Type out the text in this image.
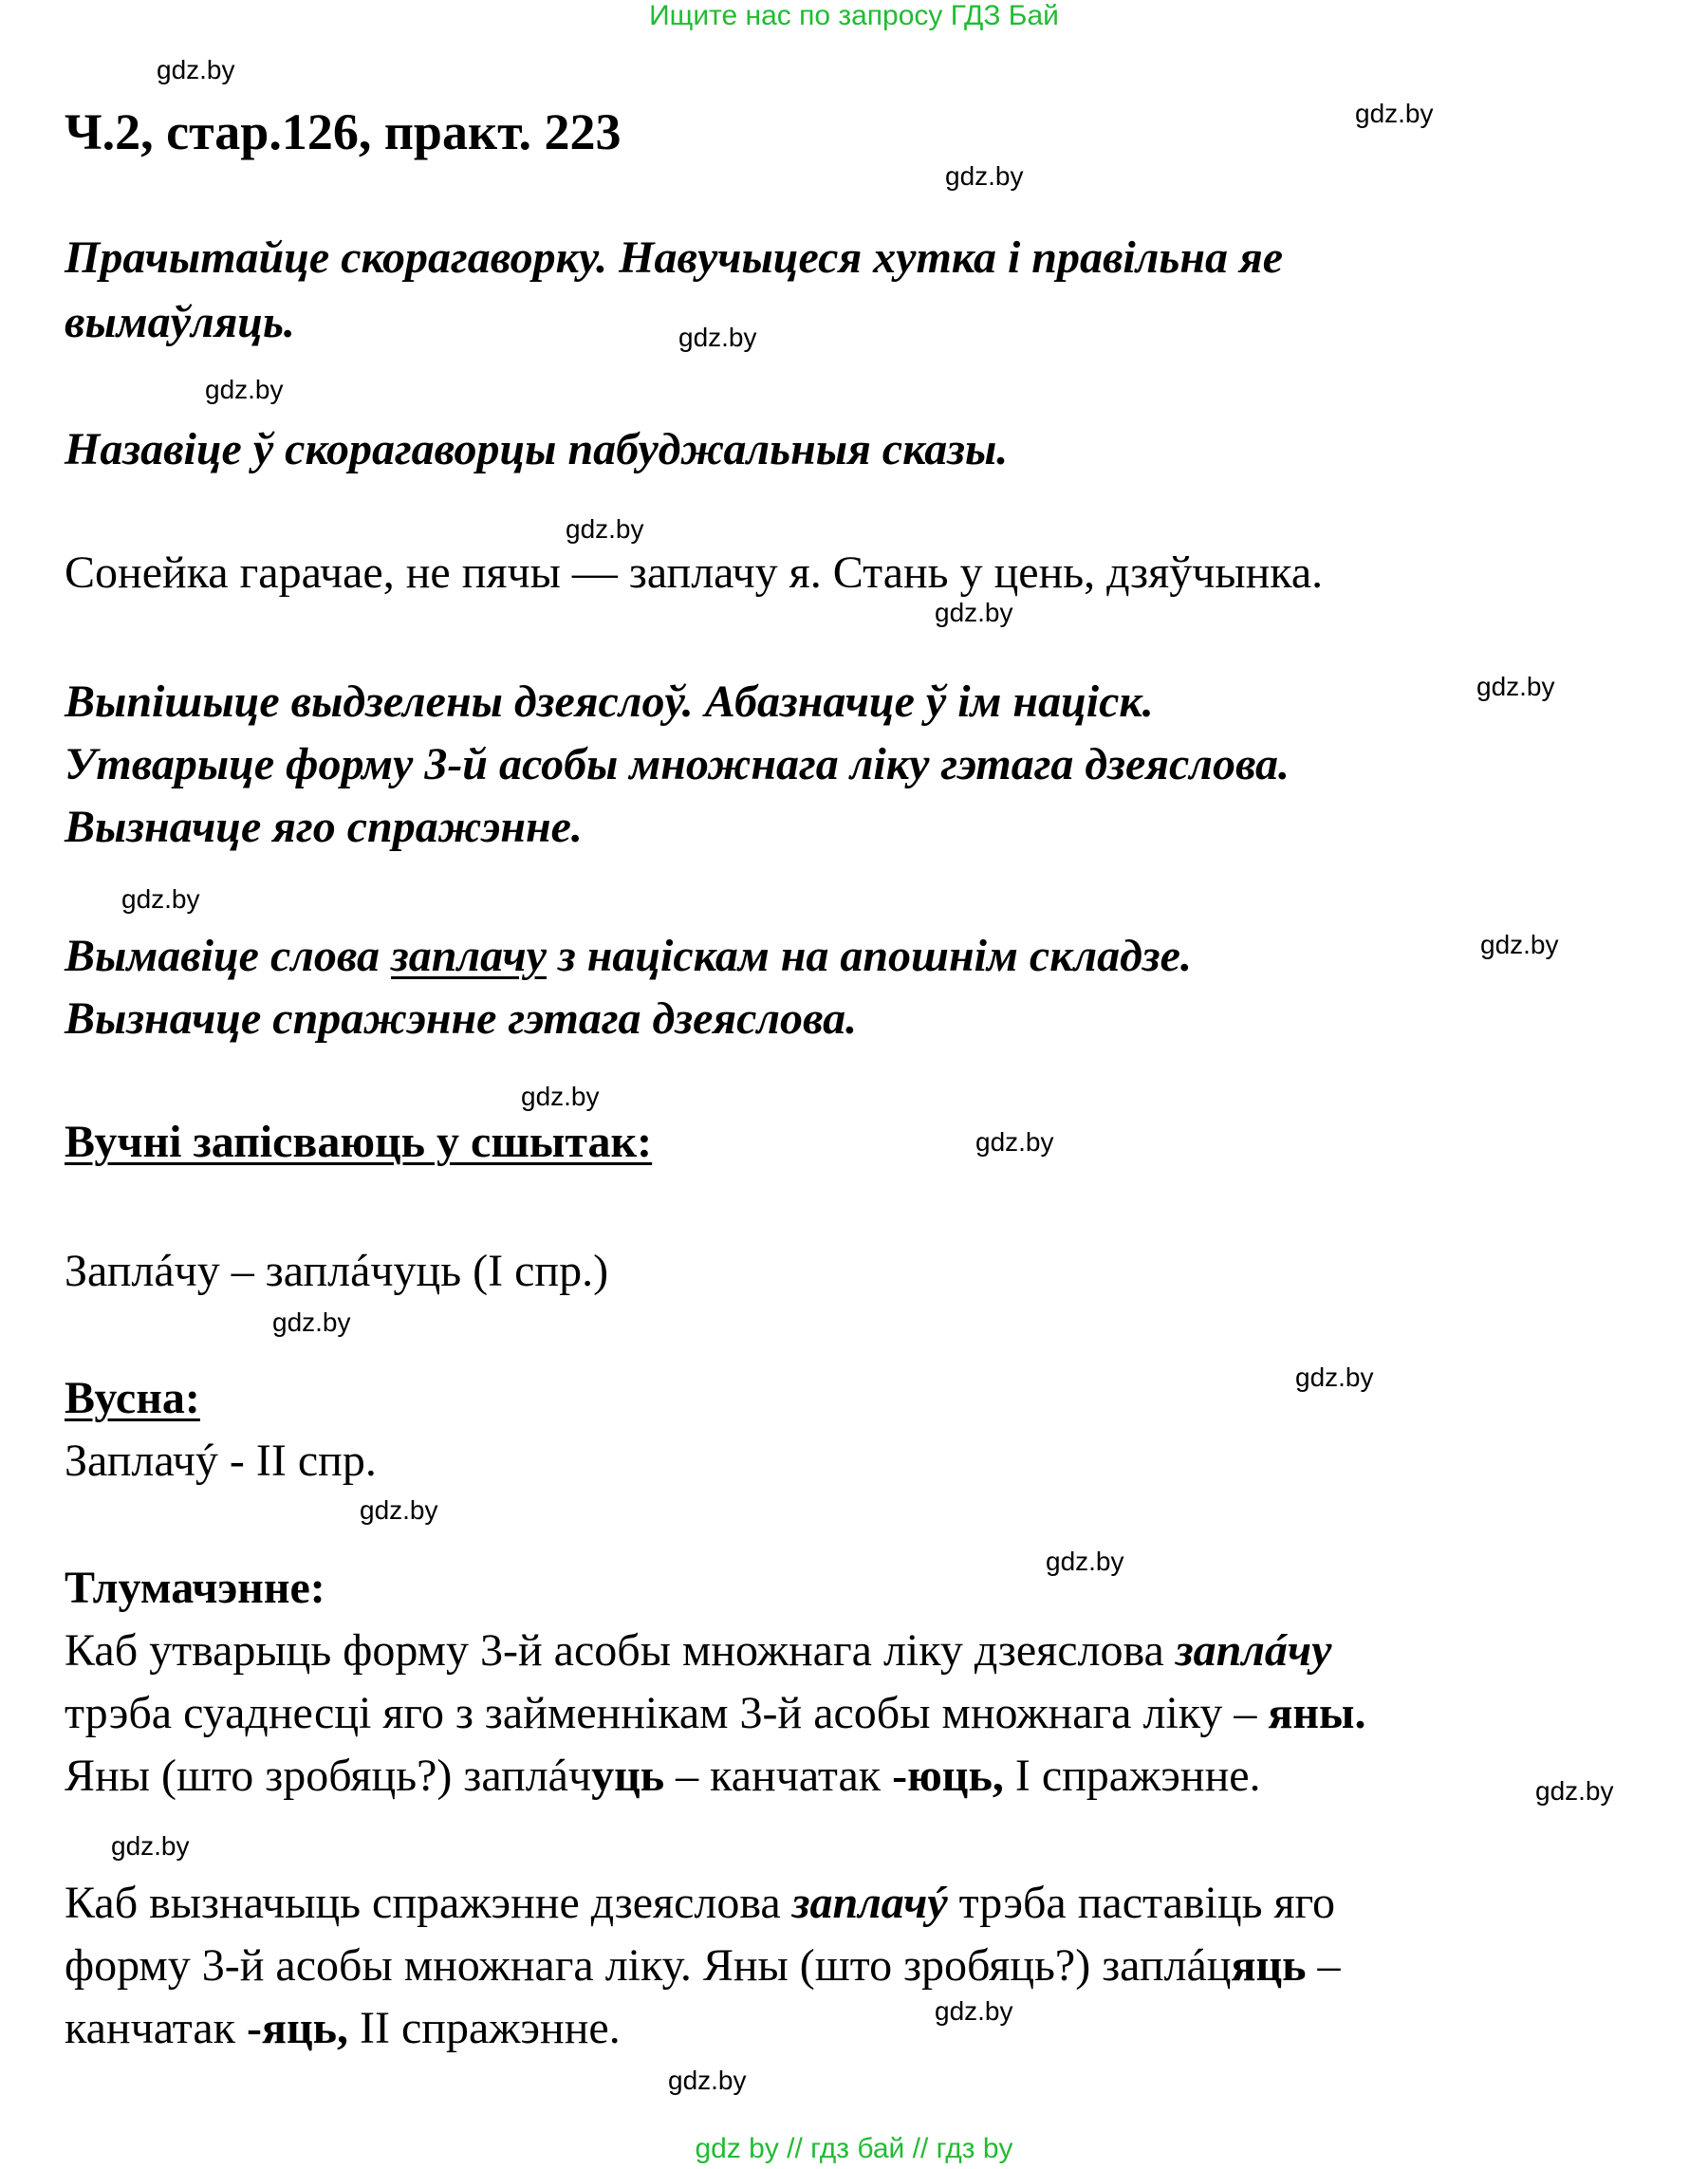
Ищите нас по запросу ГДЗ Бай
gdz.by
gdz.by
gdz.by
gdz.by
gdz.by
gdz.by
gdz.by
gdz.by
gdz.by
gdz.by
gdz.by
gdz.by
gdz.by
gdz.by
gdz.by
gdz.by
gdz.by
gdz.by
gdz.by
gdz.by
Ч.2, стар.126, практ. 223
Прачытайце скорагаворку. Навучыцеся хутка і правільна яе
вымаўляць.
Назавіце ў скорагаворцы пабуджальныя сказы.
Сонейка гарачае, не пячы — заплачу я. Стань у цень, дзяўчынка.
Выпішыце выдзелены дзеяслоў. Абазначце ў ім націск.
Утварыце форму 3-й асобы множнага ліку гэтага дзеяслова.
Вызначце яго спражэнне.
Вымавіце слова заплачу з націскам на апошнім складзе.
Вызначце спражэнне гэтага дзеяслова.
Вучні запісваюць у сшытак:
Заплáчу – заплáчуць (I спр.)
Вусна:
Заплачý - II спр.
Тлумачэнне:
Каб утварыць форму 3-й асобы множнага ліку дзеяслова заплáчу
трэба суаднесці яго з займеннікам 3-й асобы множнага ліку – яны.
Яны (што зробяць?) заплáчуць – канчатак -юць, I спражэнне.
Каб вызначыць спражэнне дзеяслова заплачý трэба паставіць яго
форму 3-й асобы множнага ліку. Яны (што зробяць?) заплáцяць –
канчатак -яць, II спражэнне.
gdz by // гдз бай // гдз by
